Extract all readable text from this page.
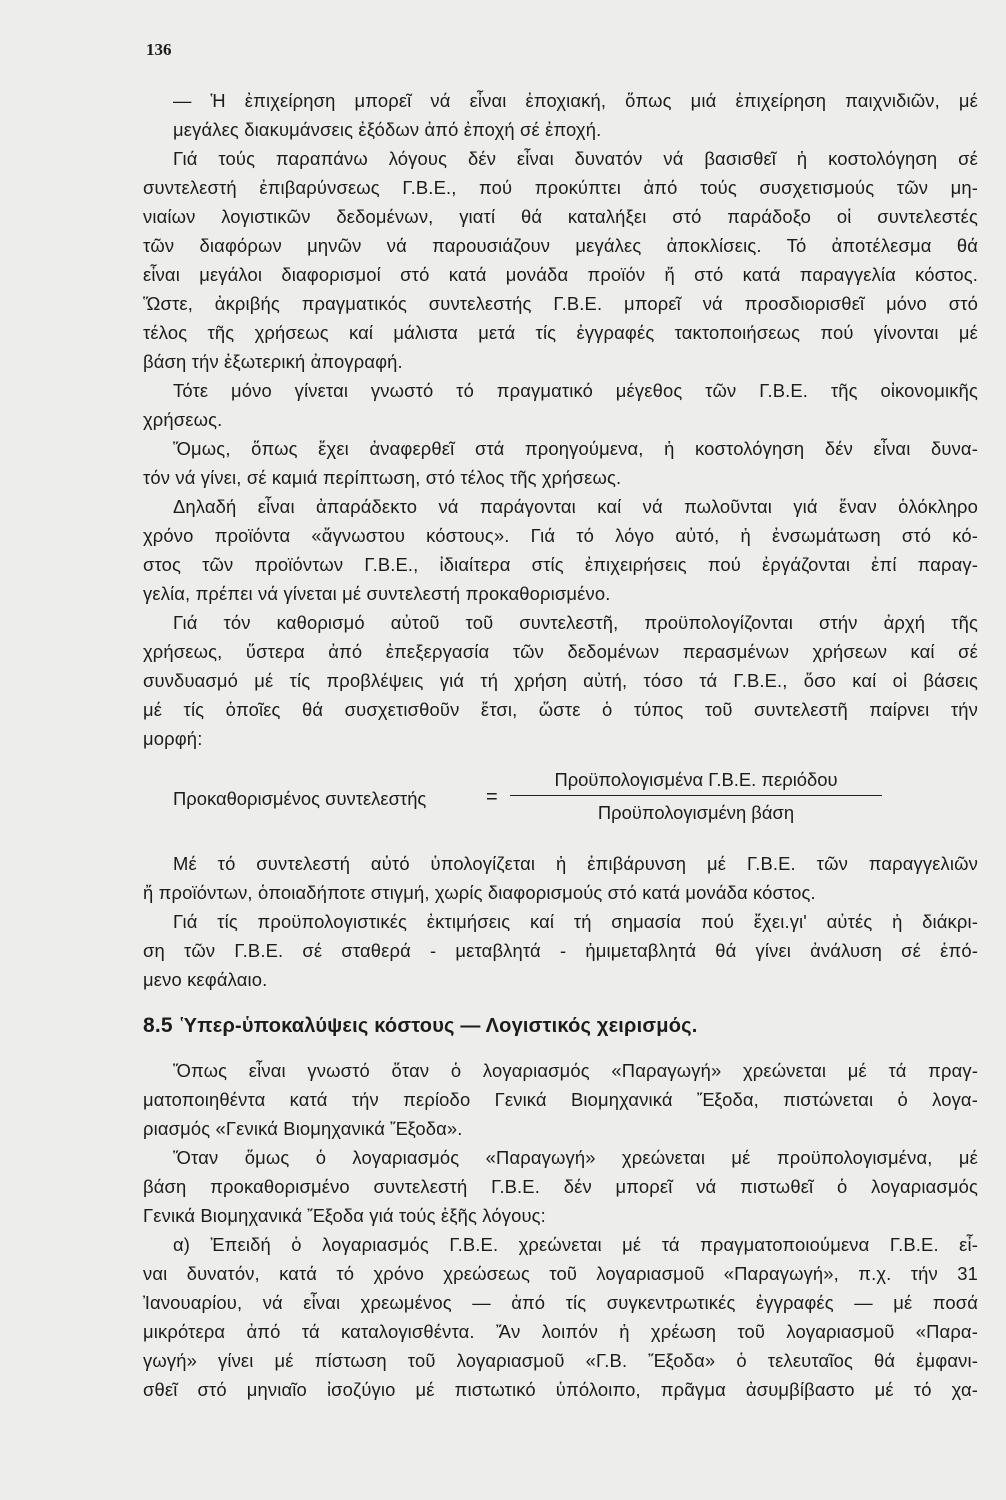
136
— Ἡ ἐπιχείρηση μπορεῖ νά εἶναι ἐποχιακή, ὅπως μιά ἐπιχείρηση παιχνιδιῶν, μέ
μεγάλες διακυμάνσεις ἐξόδων ἀπό ἐποχή σέ ἐποχή.
Γιά τούς παραπάνω λόγους δέν εἶναι δυνατόν νά βασισθεῖ ἡ κοστολόγηση σέ
συντελεστή ἐπιβαρύνσεως Γ.Β.Ε., πού προκύπτει ἀπό τούς συσχετισμούς τῶν μη-
νιαίων λογιστικῶν δεδομένων, γιατί θά καταλήξει στό παράδοξο οἱ συντελεστές
τῶν διαφόρων μηνῶν νά παρουσιάζουν μεγάλες ἀποκλίσεις. Τό ἀποτέλεσμα θά
εἶναι μεγάλοι διαφορισμοί στό κατά μονάδα προϊόν ἤ στό κατά παραγγελία κόστος.
Ὥστε, ἀκριβής πραγματικός συντελεστής Γ.Β.Ε. μπορεῖ νά προσδιορισθεῖ μόνο στό
τέλος τῆς χρήσεως καί μάλιστα μετά τίς ἐγγραφές τακτοποιήσεως πού γίνονται μέ
βάση τήν ἐξωτερική ἀπογραφή.
Τότε μόνο γίνεται γνωστό τό πραγματικό μέγεθος τῶν Γ.Β.Ε. τῆς οἰκονομικῆς
χρήσεως.
Ὅμως, ὅπως ἔχει ἀναφερθεῖ στά προηγούμενα, ἡ κοστολόγηση δέν εἶναι δυνα-
τόν νά γίνει, σέ καμιά περίπτωση, στό τέλος τῆς χρήσεως.
Δηλαδή εἶναι ἀπαράδεκτο νά παράγονται καί νά πωλοῦνται γιά ἕναν ὁλόκληρο
χρόνο προϊόντα «ἄγνωστου κόστους». Γιά τό λόγο αὐτό, ἡ ἐνσωμάτωση στό κό-
στος τῶν προϊόντων Γ.Β.Ε., ἰδιαίτερα στίς ἐπιχειρήσεις πού ἐργάζονται ἐπί παραγ-
γελία, πρέπει νά γίνεται μέ συντελεστή προκαθορισμένο.
Γιά τόν καθορισμό αὐτοῦ τοῦ συντελεστῆ, προϋπολογίζονται στήν ἀρχή τῆς
χρήσεως, ὕστερα ἀπό ἐπεξεργασία τῶν δεδομένων περασμένων χρήσεων καί σέ
συνδυασμό μέ τίς προβλέψεις γιά τή χρήση αὐτή, τόσο τά Γ.Β.Ε., ὅσο καί οἱ βάσεις
μέ τίς ὁποῖες θά συσχετισθοῦν ἔτσι, ὥστε ὁ τύπος τοῦ συντελεστῆ παίρνει τήν
μορφή:
Προκαθορισμένος συντελεστής	=
Προϋπολογισμένα Γ.Β.Ε. περιόδου
Προϋπολογισμένη βάση
Μέ τό συντελεστή αὐτό ὑπολογίζεται ἡ ἐπιβάρυνση μέ Γ.Β.Ε. τῶν παραγγελιῶν
ἤ προϊόντων, ὁποιαδήποτε στιγμή, χωρίς διαφορισμούς στό κατά μονάδα κόστος.
Γιά τίς προϋπολογιστικές ἐκτιμήσεις καί τή σημασία πού ἔχει.γι' αὐτές ἡ διάκρι-
ση τῶν Γ.Β.Ε. σέ σταθερά - μεταβλητά - ἡμιμεταβλητά θά γίνει ἀνάλυση σέ ἑπό-
μενο κεφάλαιο.
8.5 Ὑπερ-ὑποκαλύψεις κόστους — Λογιστικός χειρισμός.
Ὅπως εἶναι γνωστό ὅταν ὁ λογαριασμός «Παραγωγή» χρεώνεται μέ τά πραγ-
ματοποιηθέντα κατά τήν περίοδο Γενικά Βιομηχανικά Ἔξοδα, πιστώνεται ὁ λογα-
ριασμός «Γενικά Βιομηχανικά Ἔξοδα».
Ὅταν ὅμως ὁ λογαριασμός «Παραγωγή» χρεώνεται μέ προϋπολογισμένα, μέ
βάση προκαθορισμένο συντελεστή Γ.Β.Ε. δέν μπορεῖ νά πιστωθεῖ ὁ λογαριασμός
Γενικά Βιομηχανικά Ἔξοδα γιά τούς ἑξῆς λόγους:
α) Ἐπειδή ὁ λογαριασμός Γ.Β.Ε. χρεώνεται μέ τά πραγματοποιούμενα Γ.Β.Ε. εἶ-
ναι δυνατόν, κατά τό χρόνο χρεώσεως τοῦ λογαριασμοῦ «Παραγωγή», π.χ. τήν 31
Ἰανουαρίου, νά εἶναι χρεωμένος — ἀπό τίς συγκεντρωτικές ἐγγραφές — μέ ποσά
μικρότερα ἀπό τά καταλογισθέντα. Ἄν λοιπόν ἡ χρέωση τοῦ λογαριασμοῦ «Παρα-
γωγή» γίνει μέ πίστωση τοῦ λογαριασμοῦ «Γ.Β. Ἔξοδα» ὁ τελευταῖος θά ἐμφανι-
σθεῖ στό μηνιαῖο ἰσοζύγιο μέ πιστωτικό ὑπόλοιπο, πρᾶγμα ἀσυμβίβαστο μέ τό χα-
